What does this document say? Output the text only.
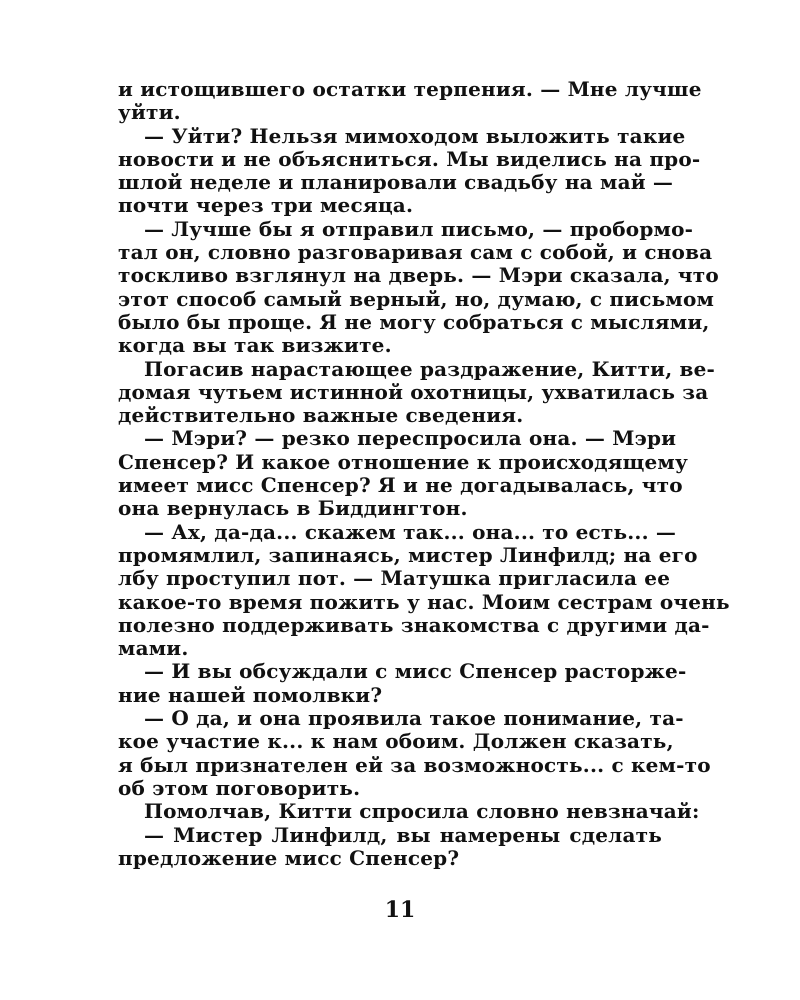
и истощившего остатки терпения. — Мне лучше
уйти.
— Уйти? Нельзя мимоходом выложить такие
новости и не объясниться. Мы виделись на про-
шлой неделе и планировали свадьбу на май —
почти через три месяца.
— Лучше бы я отправил письмо, — пробормо-
тал он, словно разговаривая сам с собой, и снова
тоскливо взглянул на дверь. — Мэри сказала, что
этот способ самый верный, но, думаю, с письмом
было бы проще. Я не могу собраться с мыслями,
когда вы так визжите.
Погасив нарастающее раздражение, Китти, ве-
домая чутьем истинной охотницы, ухватилась за
действительно важные сведения.
— Мэри? — резко переспросила она. — Мэри
Спенсер? И какое отношение к происходящему
имеет мисс Спенсер? Я и не догадывалась, что
она вернулась в Биддингтон.
— Ах, да-да... скажем так... она... то есть... —
промямлил, запинаясь, мистер Линфилд; на его
лбу проступил пот. — Матушка пригласила ее
какое-то время пожить у нас. Моим сестрам очень
полезно поддерживать знакомства с другими да-
мами.
— И вы обсуждали с мисс Спенсер расторже-
ние нашей помолвки?
— О да, и она проявила такое понимание, та-
кое участие к... к нам обоим. Должен сказать,
я был признателен ей за возможность... с кем-то
об этом поговорить.
Помолчав, Китти спросила словно невзначай:
— Мистер Линфилд, вы намерены сделать
предложение мисс Спенсер?
11
